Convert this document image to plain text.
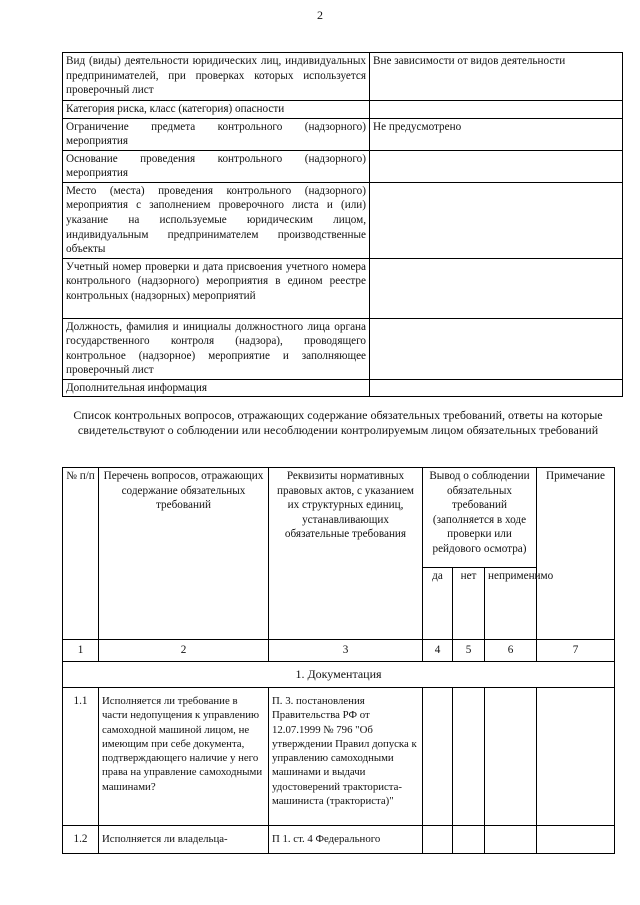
2
Вид (виды) деятельности юридических лиц, индивидуальных предпринимателей, при проверках которых используется проверочный лист	Вне зависимости от видов деятельности
Категория риска, класс (категория) опасности	
Ограничение предмета контрольного (надзорного) мероприятия	Не предусмотрено
Основание проведения контрольного (надзорного) мероприятия	
Место (места) проведения контрольного (надзорного) мероприятия с заполнением проверочного листа и (или) указание на используемые юридическим лицом, индивидуальным предпринимателем производственные объекты	
Учетный номер проверки и дата присвоения учетного номера контрольного (надзорного) мероприятия в едином реестре контрольных (надзорных) мероприятий	
Должность, фамилия и инициалы должностного лица органа государственного контроля (надзора), проводящего контрольное (надзорное) мероприятие и заполняющее проверочный лист	
Дополнительная информация	
Список контрольных вопросов, отражающих содержание обязательных требований, ответы на которые свидетельствуют о соблюдении или несоблюдении контролируемым лицом обязательных требований
№ п/п	Перечень вопросов, отражающих содержание обязательных требований	Реквизиты нормативных правовых актов, с указанием их структурных единиц, устанавливающих обязательные требования	Вывод о соблюдении обязательных требований (заполняется в ходе проверки или рейдового осмотра)			Примечание
			да	нет	неприменимо	
1	2	3	4	5	6	7
1. Документация						
1.1	Исполняется ли требование в части недопущения к управлению самоходной машиной лицом, не имеющим при себе документа, подтверждающего наличие у него права на управление самоходными машинами?	П. 3. постановления Правительства РФ от 12.07.1999 № 796 "Об утверждении Правил допуска к управлению самоходными машинами и выдачи удостоверений тракториста-машиниста (тракториста)"				
1.2	Исполняется ли владельца-	П 1. ст. 4 Федерального				
